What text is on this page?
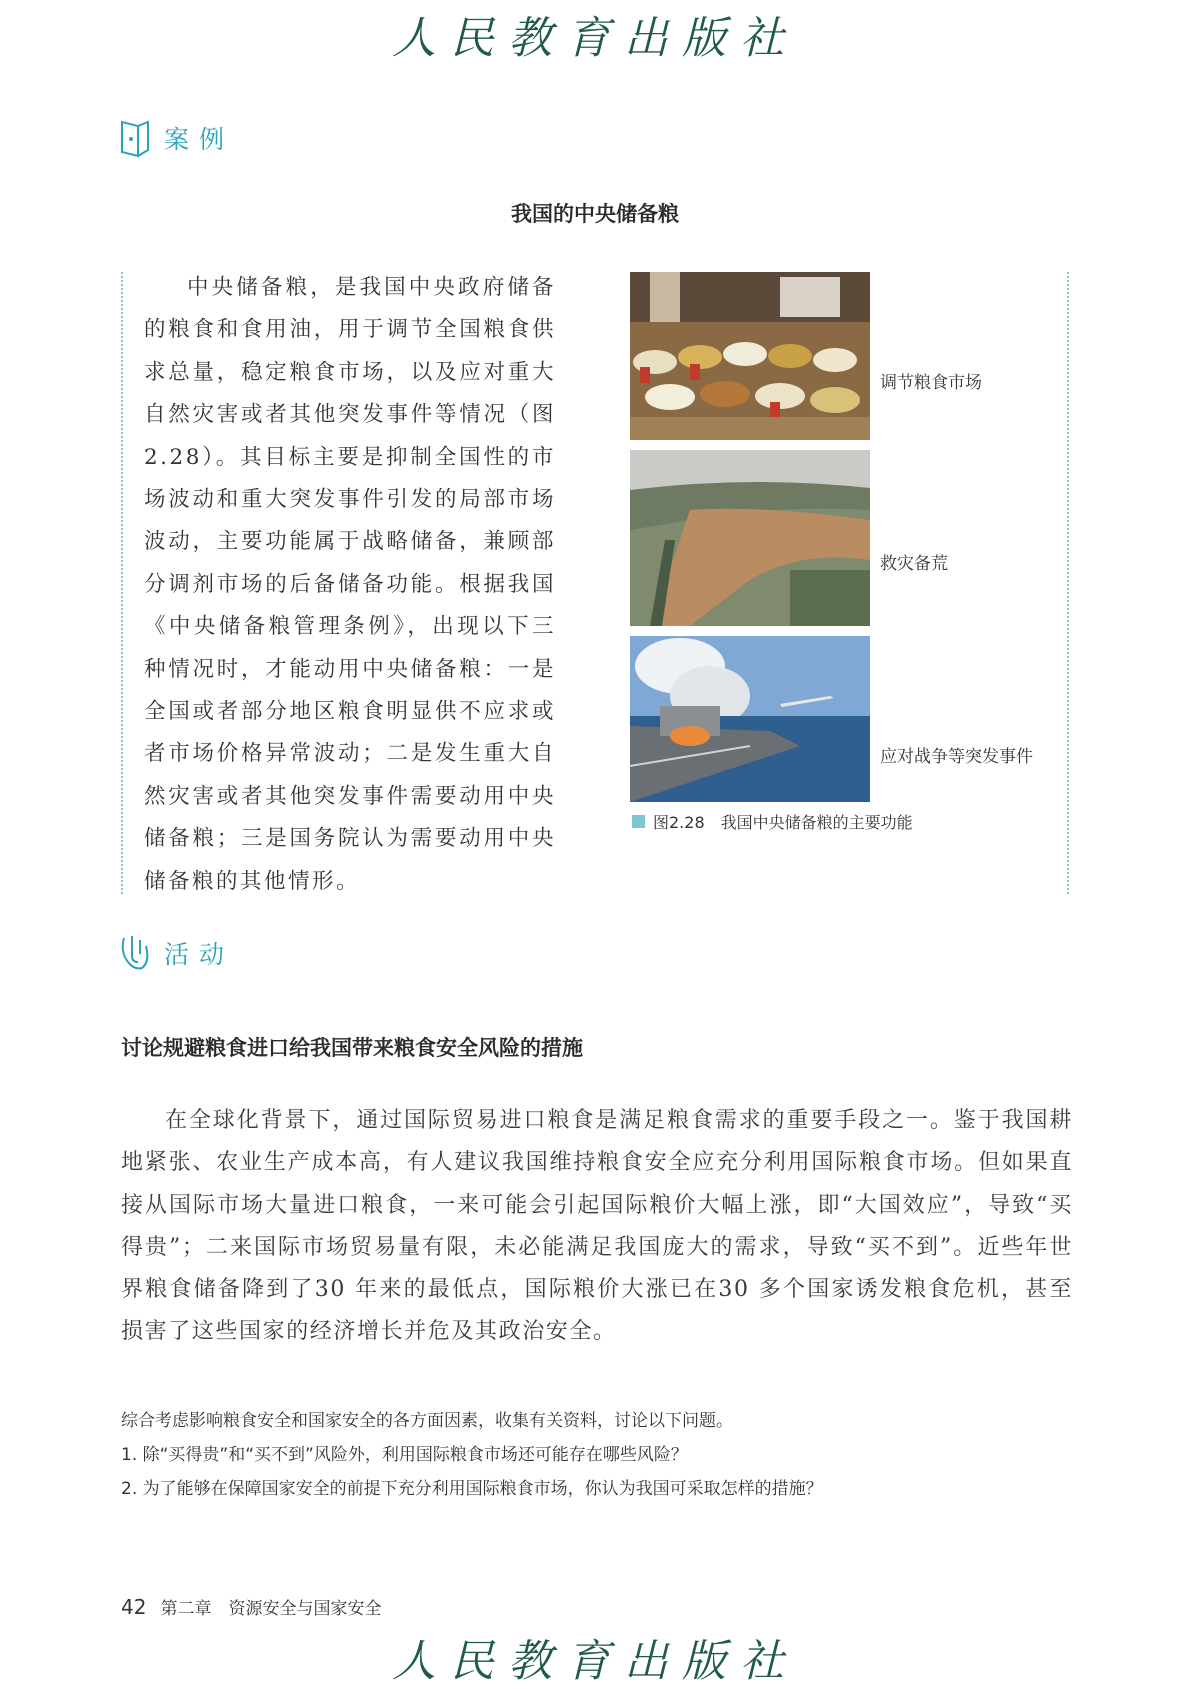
人民教育出版社
案例
我国的中央储备粮

中央储备粮，是我国中央政府储备的粮食和食用油，用于调节全国粮食供求总量，稳定粮食市场，以及应对重大自然灾害或者其他突发事件等情况（图2.28）。其目标主要是抑制全国性的市场波动和重大突发事件引发的局部市场波动，主要功能属于战略储备，兼顾部分调剂市场的后备储备功能。根据我国《中央储备粮管理条例》，出现以下三种情况时，才能动用中央储备粮：一是全国或者部分地区粮食明显供不应求或者市场价格异常波动；二是发生重大自然灾害或者其他突发事件需要动用中央储备粮；三是国务院认为需要动用中央储备粮的其他情形。

调节粮食市场
救灾备荒
应对战争等突发事件
图2.28　我国中央储备粮的主要功能
活动
讨论规避粮食进口给我国带来粮食安全风险的措施

在全球化背景下，通过国际贸易进口粮食是满足粮食需求的重要手段之一。鉴于我国耕地紧张、农业生产成本高，有人建议我国维持粮食安全应充分利用国际粮食市场。但如果直接从国际市场大量进口粮食，一来可能会引起国际粮价大幅上涨，即“大国效应”，导致“买得贵”；二来国际市场贸易量有限，未必能满足我国庞大的需求，导致“买不到”。近些年世界粮食储备降到了30 年来的最低点，国际粮价大涨已在30 多个国家诱发粮食危机，甚至损害了这些国家的经济增长并危及其政治安全。

综合考虑影响粮食安全和国家安全的各方面因素，收集有关资料，讨论以下问题。
1. 除“买得贵”和“买不到”风险外，利用国际粮食市场还可能存在哪些风险？
2. 为了能够在保障国家安全的前提下充分利用国际粮食市场，你认为我国可采取怎样的措施？
42 第二章　资源安全与国家安全
人民教育出版社
